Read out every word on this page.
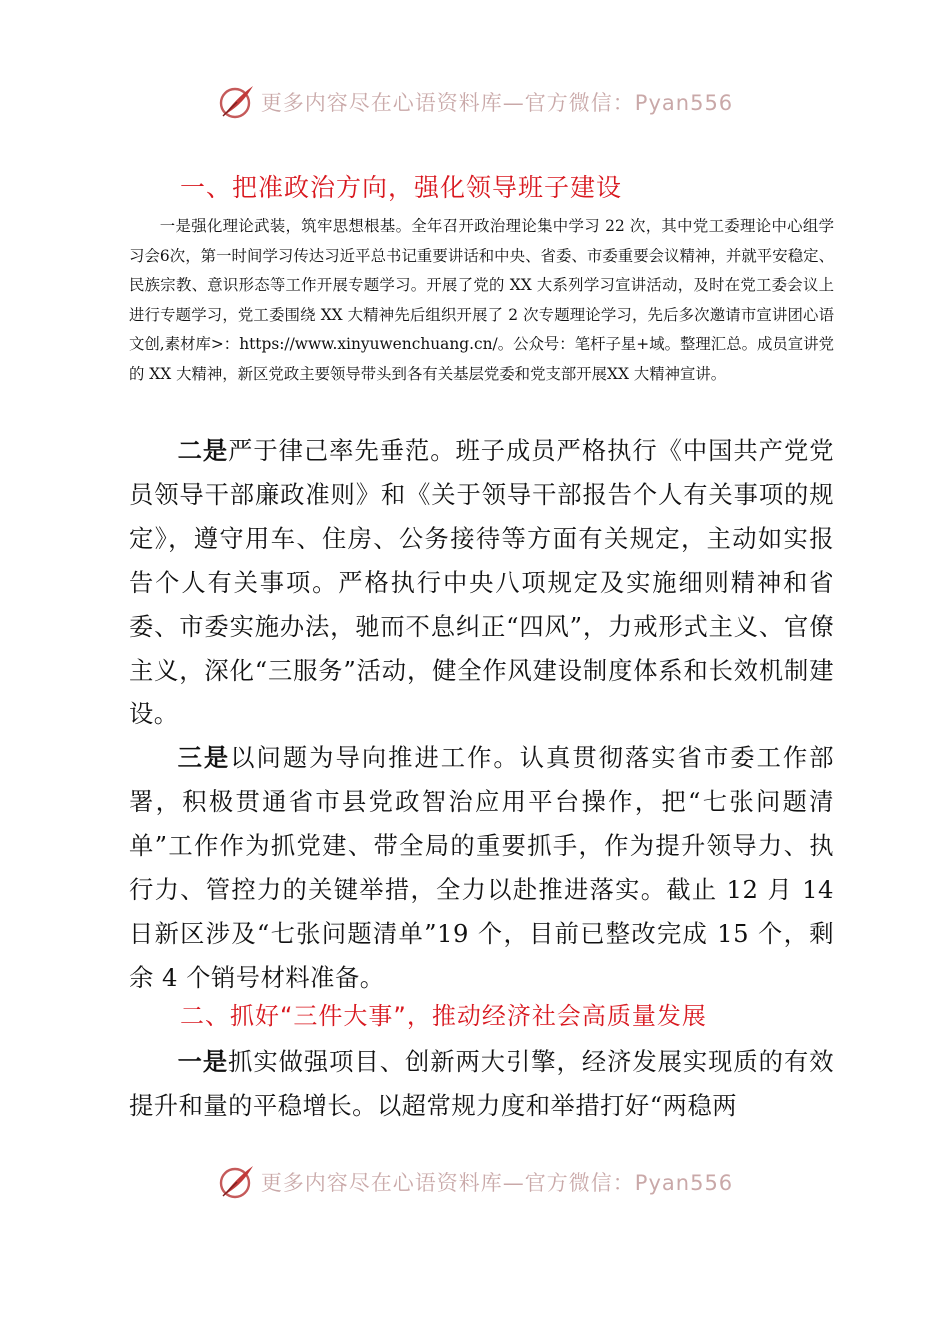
更多内容尽在心语资料库—官方微信：Pyan556
一、把准政治方向，强化领导班子建设

一是强化理论武装，筑牢思想根基。全年召开政治理论集中学习 22 次，其中党工委理论中心组学习会6次，第一时间学习传达习近平总书记重要讲话和中央、省委、市委重要会议精神，并就平安稳定、民族宗教、意识形态等工作开展专题学习。开展了党的 XX 大系列学习宣讲活动，及时在党工委会议上进行专题学习，党工委围绕 XX 大精神先后组织开展了 2 次专题理论学习，先后多次邀请市宣讲团心语文创,素材库>：https://www.xinyuwenchuang.cn/。公众号：笔杆子星+域。整理汇总。成员宣讲党的 XX 大精神，新区党政主要领导带头到各有关基层党委和党支部开展XX 大精神宣讲。

二是严于律己率先垂范。班子成员严格执行《中国共产党党员领导干部廉政准则》和《关于领导干部报告个人有关事项的规定》，遵守用车、住房、公务接待等方面有关规定，主动如实报告个人有关事项。严格执行中央八项规定及实施细则精神和省委、市委实施办法，驰而不息纠正“四风”，力戒形式主义、官僚主义，深化“三服务”活动，健全作风建设制度体系和长效机制建设。

三是以问题为导向推进工作。认真贯彻落实省市委工作部署，积极贯通省市县党政智治应用平台操作，把“七张问题清单”工作作为抓党建、带全局的重要抓手，作为提升领导力、执行力、管控力的关键举措，全力以赴推进落实。截止 12 月 14 日新区涉及“七张问题清单”19 个，目前已整改完成 15 个，剩余 4 个销号材料准备。

二、抓好“三件大事”，推动经济社会高质量发展

一是抓实做强项目、创新两大引擎，经济发展实现质的有效提升和量的平稳增长。以超常规力度和举措打好“两稳两

更多内容尽在心语资料库—官方微信：Pyan556
